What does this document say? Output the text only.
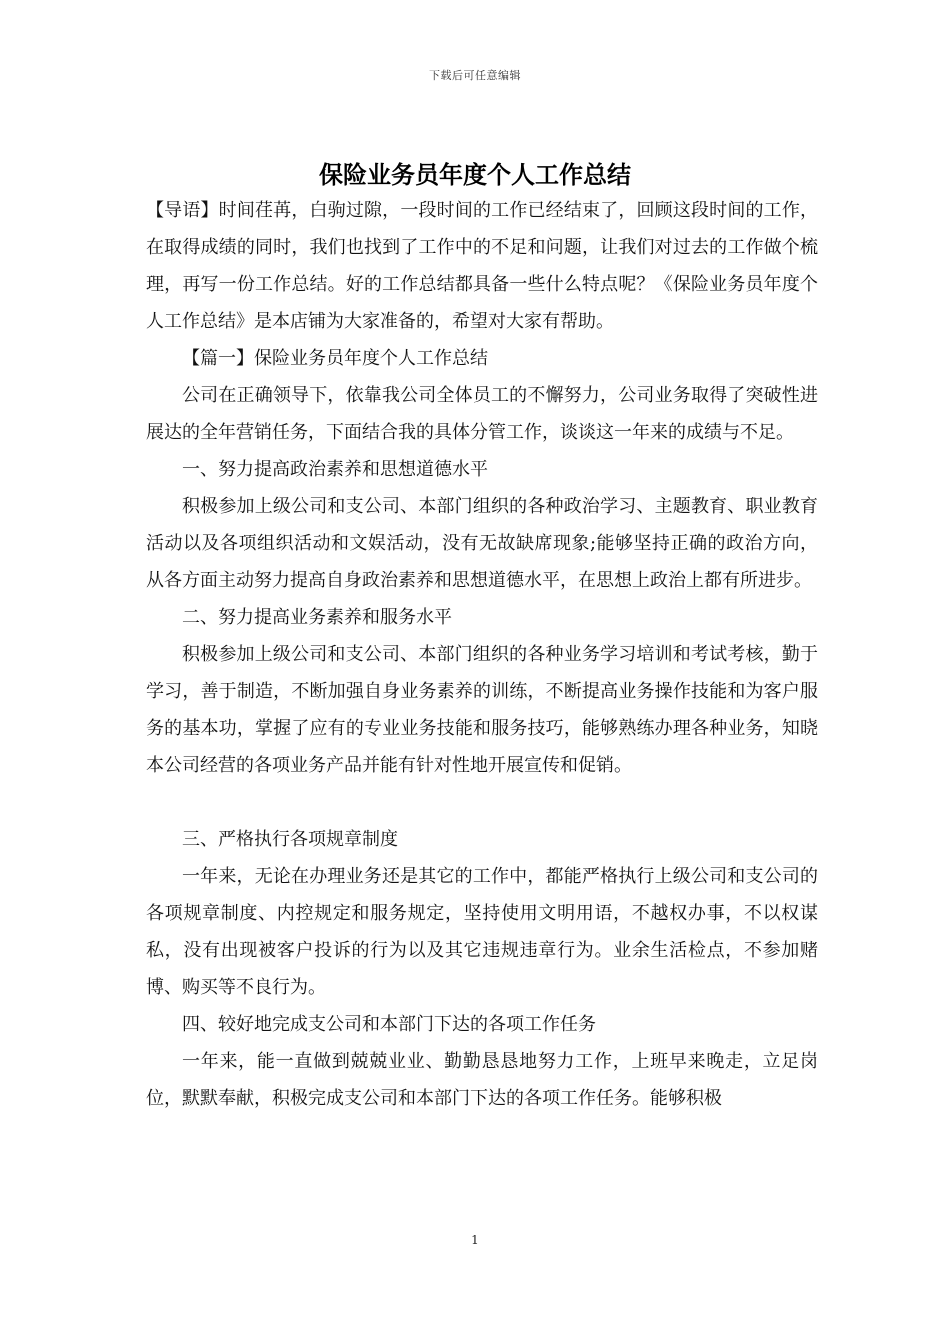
下载后可任意编辑
保险业务员年度个人工作总结

【导语】时间荏苒，白驹过隙，一段时间的工作已经结束了，回顾这段时间的工作，在取得成绩的同时，我们也找到了工作中的不足和问题，让我们对过去的工作做个梳理，再写一份工作总结。好的工作总结都具备一些什么特点呢？《保险业务员年度个人工作总结》是本店铺为大家准备的，希望对大家有帮助。

【篇一】保险业务员年度个人工作总结

公司在正确领导下，依靠我公司全体员工的不懈努力，公司业务取得了突破性进展达的全年营销任务，下面结合我的具体分管工作，谈谈这一年来的成绩与不足。

一、努力提高政治素养和思想道德水平

积极参加上级公司和支公司、本部门组织的各种政治学习、主题教育、职业教育活动以及各项组织活动和文娱活动，没有无故缺席现象;能够坚持正确的政治方向，从各方面主动努力提高自身政治素养和思想道德水平，在思想上政治上都有所进步。

二、努力提高业务素养和服务水平

积极参加上级公司和支公司、本部门组织的各种业务学习培训和考试考核，勤于学习，善于制造，不断加强自身业务素养的训练，不断提高业务操作技能和为客户服务的基本功，掌握了应有的专业业务技能和服务技巧，能够熟练办理各种业务，知晓本公司经营的各项业务产品并能有针对性地开展宣传和促销。

三、严格执行各项规章制度

一年来，无论在办理业务还是其它的工作中，都能严格执行上级公司和支公司的各项规章制度、内控规定和服务规定，坚持使用文明用语，不越权办事，不以权谋私，没有出现被客户投诉的行为以及其它违规违章行为。业余生活检点，不参加赌博、购买等不良行为。

四、较好地完成支公司和本部门下达的各项工作任务

一年来，能一直做到兢兢业业、勤勤恳恳地努力工作，上班早来晚走，立足岗位，默默奉献，积极完成支公司和本部门下达的各项工作任务。能够积极

1
